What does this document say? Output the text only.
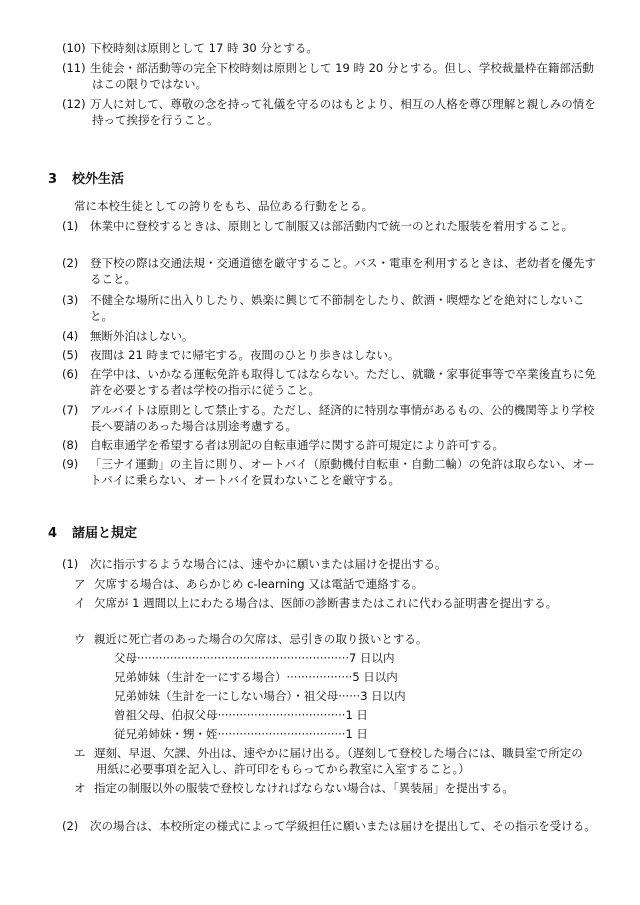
(10) 下校時刻は原則として 17 時 30 分とする。
(11) 生徒会・部活動等の完全下校時刻は原則として 19 時 20 分とする。但し、学校裁量枠在籍部活動はこの限りではない。
(12) 万人に対して、尊敬の念を持って礼儀を守るのはもとより、相互の人格を尊び理解と親しみの情を持って挨拶を行うこと。
3 校外生活
常に本校生徒としての誇りをもち、品位ある行動をとる。
(1) 休業中に登校するときは、原則として制服又は部活動内で統一のとれた服装を着用すること。
(2) 登下校の際は交通法規・交通道徳を厳守すること。バス・電車を利用するときは、老幼者を優先すること。
(3) 不健全な場所に出入りしたり、娯楽に興じて不節制をしたり、飲酒・喫煙などを絶対にしないこと。
(4) 無断外泊はしない。
(5) 夜間は 21 時までに帰宅する。夜間のひとり歩きはしない。
(6) 在学中は、いかなる運転免許も取得してはならない。ただし、就職・家事従事等で卒業後直ちに免許を必要とする者は学校の指示に従うこと。
(7) アルバイトは原則として禁止する。ただし、経済的に特別な事情があるもの、公的機関等より学校長へ要請のあった場合は別途考慮する。
(8) 自転車通学を希望する者は別記の自転車通学に関する許可規定により許可する。
(9) 「三ナイ運動」の主旨に則り、オートバイ（原動機付自転車・自動二輪）の免許は取らない、オートバイに乗らない、オートバイを買わないことを厳守する。
4 諸届と規定
(1) 次に指示するような場合には、速やかに願いまたは届けを提出する。
ア 欠席する場合は、あらかじめ c-learning 又は電話で連絡する。
イ 欠席が 1 週間以上にわたる場合は、医師の診断書またはこれに代わる証明書を提出する。
ウ 親近に死亡者のあった場合の欠席は、忌引きの取り扱いとする。
父母··························································7 日以内
兄弟姉妹（生計を一にする場合）··················5 日以内
兄弟姉妹（生計を一にしない場合）・祖父母······3 日以内
曾祖父母、伯叔父母···································1 日
従兄弟姉妹・甥・姪···································1 日
エ 遅刻、早退、欠課、外出は、速やかに届け出る。（遅刻して登校した場合には、職員室で所定の用紙に必要事項を記入し、許可印をもらってから教室に入室すること。）
オ 指定の制服以外の服装で登校しなければならない場合は、「異装届」を提出する。
(2) 次の場合は、本校所定の様式によって学級担任に願いまたは届けを提出して、その指示を受ける。
